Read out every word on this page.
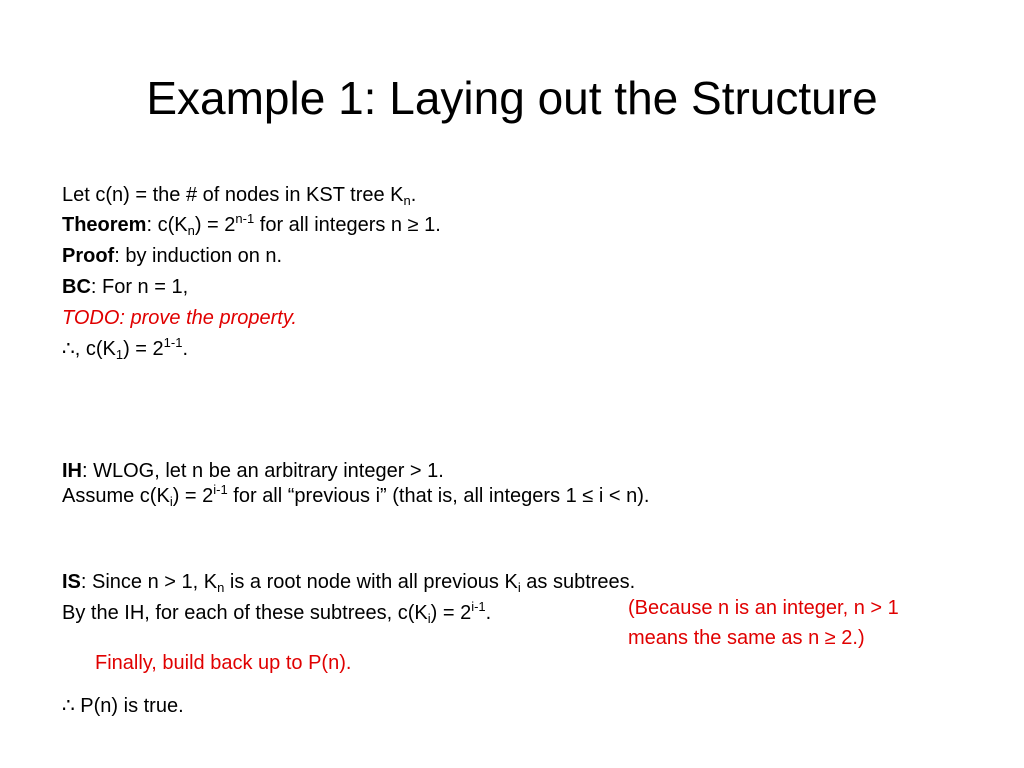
Example 1: Laying out the Structure
Let c(n) = the # of nodes in KST tree $K_n$.
Theorem: $c(K_n) = 2^{n-1}$ for all integers n ≥ 1.
Proof: by induction on n.
BC: For n = 1,
TODO: prove the property.
∴, $c(K_1) = 2^{1-1}$.
IH: WLOG, let n be an arbitrary integer > 1.
Assume $c(K_i) = 2^{i-1}$ for all “previous i” (that is, all integers 1 ≤ i < n).
IS: Since n > 1, $K_n$ is a root node with all previous $K_i$ as subtrees.
By the IH, for each of these subtrees, $c(K_i) = 2^{i-1}$.
Finally, build back up to P(n).
∴ P(n) is true.
(Because n is an integer, n > 1
means the same as n ≥ 2.)
